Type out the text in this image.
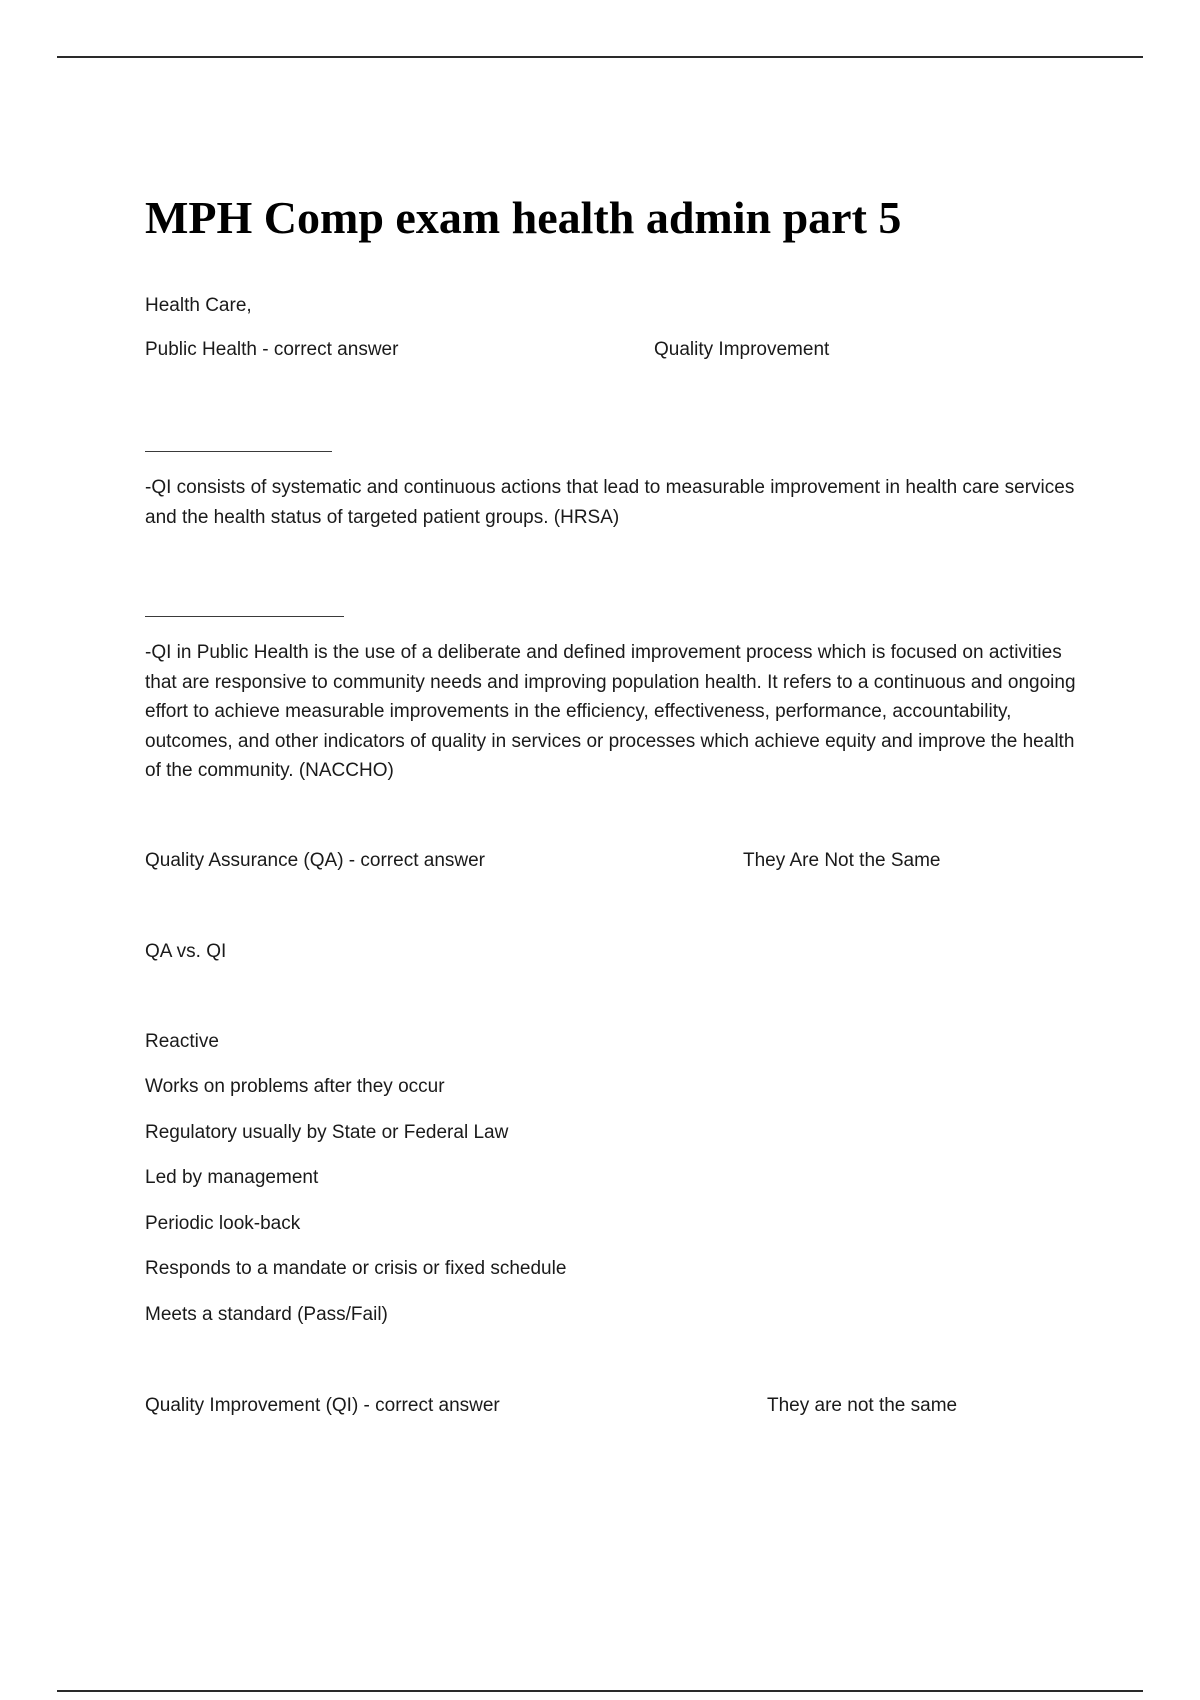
MPH Comp exam health admin part 5
Health Care,
Public Health - correct answer	Quality Improvement

-QI consists of systematic and continuous actions that lead to measurable improvement in health care services and the health status of targeted patient groups. (HRSA)

-QI in Public Health is the use of a deliberate and defined improvement process which is focused on activities that are responsive to community needs and improving population health. It refers to a continuous and ongoing effort to achieve measurable improvements in the efficiency, effectiveness, performance, accountability, outcomes, and other indicators of quality in services or processes which achieve equity and improve the health of the community. (NACCHO)

Quality Assurance (QA) - correct answer	They Are Not the Same
QA vs. QI
Reactive
Works on problems after they occur
Regulatory usually by State or Federal Law
Led by management
Periodic look-back
Responds to a mandate or crisis or fixed schedule
Meets a standard (Pass/Fail)
Quality Improvement (QI) - correct answer	They are not the same
